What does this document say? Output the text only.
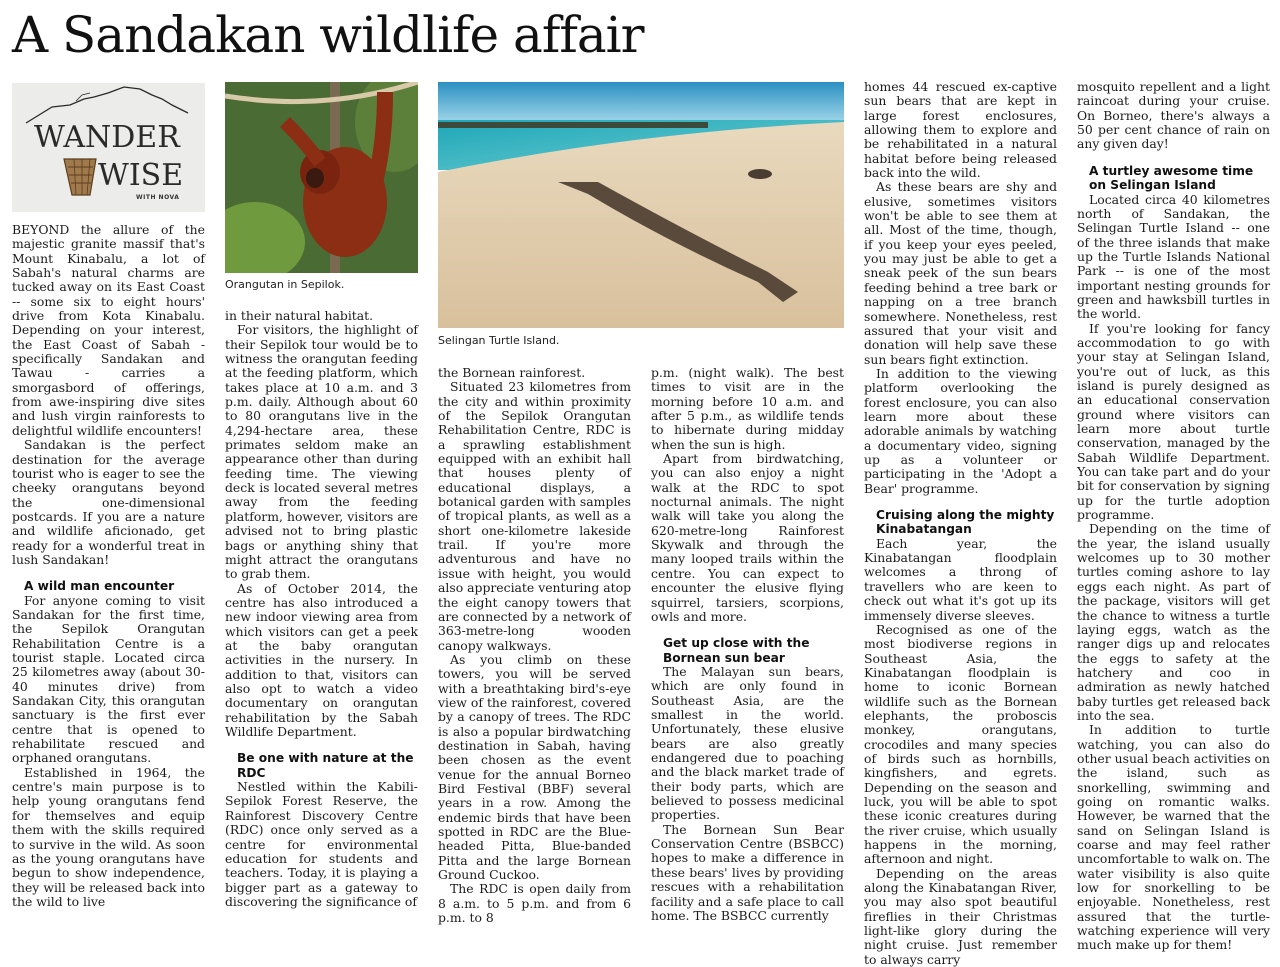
A Sandakan wildlife affair
WANDER
WISE
WITH NOVA
Orangutan in Sepilok.
Selingan Turtle Island.

BEYOND the allure of the majestic granite massif that's Mount Kinabalu, a lot of Sabah's natural charms are tucked away on its East Coast -- some six to eight hours' drive from Kota Kinabalu. Depending on your interest, the East Coast of Sabah - specifically Sandakan and Tawau - carries a smorgasbord of offerings, from awe-inspiring dive sites and lush virgin rainforests to delightful wildlife encounters!

Sandakan is the perfect destination for the average tourist who is eager to see the cheeky orangutans beyond the one-dimensional postcards. If you are a nature and wildlife aficionado, get ready for a wonderful treat in lush Sandakan!

A wild man encounter

For anyone coming to visit Sandakan for the first time, the Sepilok Orangutan Rehabilitation Centre is a tourist staple. Located circa 25 kilometres away (about 30-40 minutes drive) from Sandakan City, this orangutan sanctuary is the first ever centre that is opened to rehabilitate rescued and orphaned orangutans.

Established in 1964, the centre's main purpose is to help young orangutans fend for themselves and equip them with the skills required to survive in the wild. As soon as the young orangutans have begun to show independence, they will be released back into the wild to live

in their natural habitat.

For visitors, the highlight of their Sepilok tour would be to witness the orangutan feeding at the feeding platform, which takes place at 10 a.m. and 3 p.m. daily. Although about 60 to 80 orangutans live in the 4,294-hectare area, these primates seldom make an appearance other than during feeding time. The viewing deck is located several metres away from the feeding platform, however, visitors are advised not to bring plastic bags or anything shiny that might attract the orangutans to grab them.

As of October 2014, the centre has also introduced a new indoor viewing area from which visitors can get a peek at the baby orangutan activities in the nursery. In addition to that, visitors can also opt to watch a video documentary on orangutan rehabilitation by the Sabah Wildlife Department.

Be one with nature at the RDC

Nestled within the Kabili-Sepilok Forest Reserve, the Rainforest Discovery Centre (RDC) once only served as a centre for environmental education for students and teachers. Today, it is playing a bigger part as a gateway to discovering the significance of

the Bornean rainforest.

Situated 23 kilometres from the city and within proximity of the Sepilok Orangutan Rehabilitation Centre, RDC is a sprawling establishment equipped with an exhibit hall that houses plenty of educational displays, a botanical garden with samples of tropical plants, as well as a short one-kilometre lakeside trail. If you're more adventurous and have no issue with height, you would also appreciate venturing atop the eight canopy towers that are connected by a network of 363-metre-long wooden canopy walkways.

As you climb on these towers, you will be served with a breathtaking bird's-eye view of the rainforest, covered by a canopy of trees. The RDC is also a popular birdwatching destination in Sabah, having been chosen as the event venue for the annual Borneo Bird Festival (BBF) several years in a row. Among the endemic birds that have been spotted in RDC are the Blue-headed Pitta, Blue-banded Pitta and the large Bornean Ground Cuckoo.

The RDC is open daily from 8 a.m. to 5 p.m. and from 6 p.m. to 8

p.m. (night walk). The best times to visit are in the morning before 10 a.m. and after 5 p.m., as wildlife tends to hibernate during midday when the sun is high.

Apart from birdwatching, you can also enjoy a night walk at the RDC to spot nocturnal animals. The night walk will take you along the 620-metre-long Rainforest Skywalk and through the many looped trails within the centre. You can expect to encounter the elusive flying squirrel, tarsiers, scorpions, owls and more.

Get up close with the Bornean sun bear

The Malayan sun bears, which are only found in Southeast Asia, are the smallest in the world. Unfortunately, these elusive bears are also greatly endangered due to poaching and the black market trade of their body parts, which are believed to possess medicinal properties.

The Bornean Sun Bear Conservation Centre (BSBCC) hopes to make a difference in these bears' lives by providing rescues with a rehabilitation facility and a safe place to call home. The BSBCC currently

homes 44 rescued ex-captive sun bears that are kept in large forest enclosures, allowing them to explore and be rehabilitated in a natural habitat before being released back into the wild.

As these bears are shy and elusive, sometimes visitors won't be able to see them at all. Most of the time, though, if you keep your eyes peeled, you may just be able to get a sneak peek of the sun bears feeding behind a tree bark or napping on a tree branch somewhere. Nonetheless, rest assured that your visit and donation will help save these sun bears fight extinction.

In addition to the viewing platform overlooking the forest enclosure, you can also learn more about these adorable animals by watching a documentary video, signing up as a volunteer or participating in the 'Adopt a Bear' programme.

Cruising along the mighty Kinabatangan

Each year, the Kinabatangan floodplain welcomes a throng of travellers who are keen to check out what it's got up its immensely diverse sleeves.

Recognised as one of the most biodiverse regions in Southeast Asia, the Kinabatangan floodplain is home to iconic Bornean wildlife such as the Bornean elephants, the proboscis monkey, orangutans, crocodiles and many species of birds such as hornbills, kingfishers, and egrets. Depending on the season and luck, you will be able to spot these iconic creatures during the river cruise, which usually happens in the morning, afternoon and night.

Depending on the areas along the Kinabatangan River, you may also spot beautiful fireflies in their Christmas light-like glory during the night cruise. Just remember to always carry

mosquito repellent and a light raincoat during your cruise. On Borneo, there's always a 50 per cent chance of rain on any given day!

A turtley awesome time on Selingan Island

Located circa 40 kilometres north of Sandakan, the Selingan Turtle Island -- one of the three islands that make up the Turtle Islands National Park -- is one of the most important nesting grounds for green and hawksbill turtles in the world.

If you're looking for fancy accommodation to go with your stay at Selingan Island, you're out of luck, as this island is purely designed as an educational conservation ground where visitors can learn more about turtle conservation, managed by the Sabah Wildlife Department. You can take part and do your bit for conservation by signing up for the turtle adoption programme.

Depending on the time of the year, the island usually welcomes up to 30 mother turtles coming ashore to lay eggs each night. As part of the package, visitors will get the chance to witness a turtle laying eggs, watch as the ranger digs up and relocates the eggs to safety at the hatchery and coo in admiration as newly hatched baby turtles get released back into the sea.

In addition to turtle watching, you can also do other usual beach activities on the island, such as snorkelling, swimming and going on romantic walks. However, be warned that the sand on Selingan Island is coarse and may feel rather uncomfortable to walk on. The water visibility is also quite low for snorkelling to be enjoyable. Nonetheless, rest assured that the turtle-watching experience will very much make up for them!
